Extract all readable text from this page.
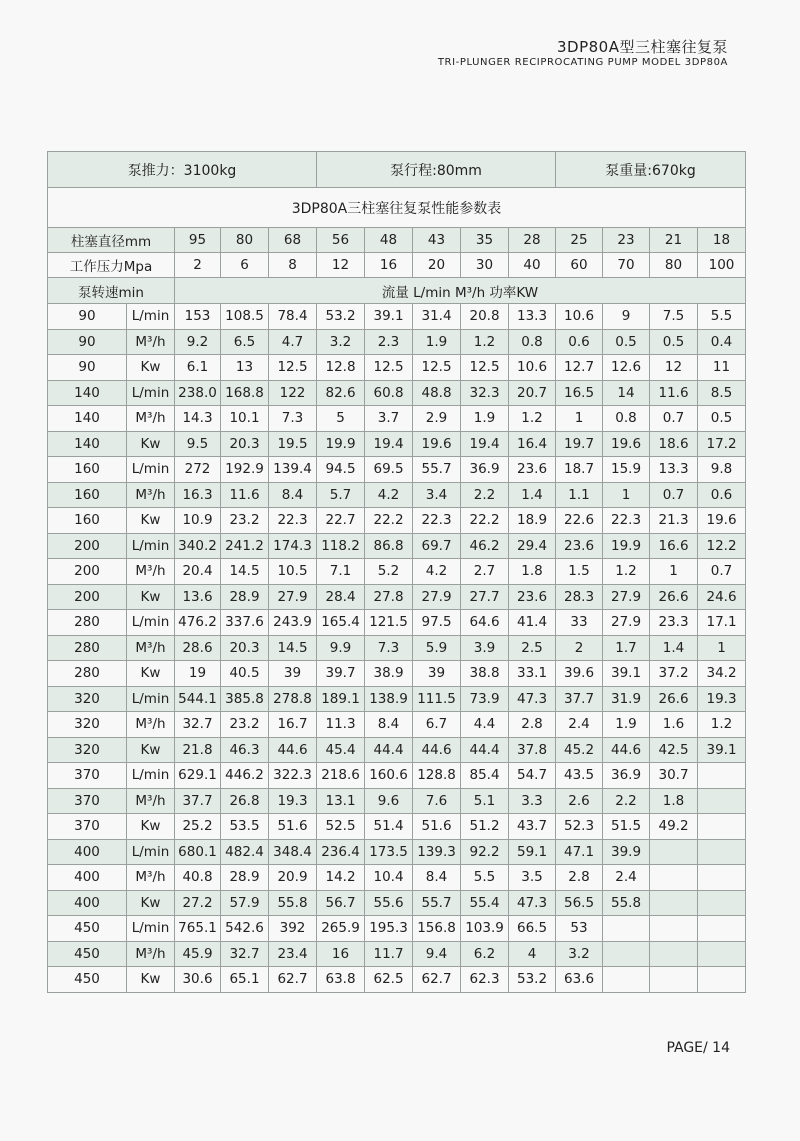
3DP80A型三柱塞往复泵
TRI-PLUNGER RECIPROCATING PUMP MODEL 3DP80A
泵推力：3100kg					泵行程:80mm					泵重量:670kg			
3DP80A三柱塞往复泵性能参数表													
柱塞直径mm		95	80	68	56	48	43	35	28	25	23	21	18
工作压力Mpa		2	6	8	12	16	20	30	40	60	70	80	100
泵转速min		流量 L/min M³/h 功率KW											
90	L/min	153	108.5	78.4	53.2	39.1	31.4	20.8	13.3	10.6	9	7.5	5.5
90	M³/h	9.2	6.5	4.7	3.2	2.3	1.9	1.2	0.8	0.6	0.5	0.5	0.4
90	Kw	6.1	13	12.5	12.8	12.5	12.5	12.5	10.6	12.7	12.6	12	11
140	L/min	238.0	168.8	122	82.6	60.8	48.8	32.3	20.7	16.5	14	11.6	8.5
140	M³/h	14.3	10.1	7.3	5	3.7	2.9	1.9	1.2	1	0.8	0.7	0.5
140	Kw	9.5	20.3	19.5	19.9	19.4	19.6	19.4	16.4	19.7	19.6	18.6	17.2
160	L/min	272	192.9	139.4	94.5	69.5	55.7	36.9	23.6	18.7	15.9	13.3	9.8
160	M³/h	16.3	11.6	8.4	5.7	4.2	3.4	2.2	1.4	1.1	1	0.7	0.6
160	Kw	10.9	23.2	22.3	22.7	22.2	22.3	22.2	18.9	22.6	22.3	21.3	19.6
200	L/min	340.2	241.2	174.3	118.2	86.8	69.7	46.2	29.4	23.6	19.9	16.6	12.2
200	M³/h	20.4	14.5	10.5	7.1	5.2	4.2	2.7	1.8	1.5	1.2	1	0.7
200	Kw	13.6	28.9	27.9	28.4	27.8	27.9	27.7	23.6	28.3	27.9	26.6	24.6
280	L/min	476.2	337.6	243.9	165.4	121.5	97.5	64.6	41.4	33	27.9	23.3	17.1
280	M³/h	28.6	20.3	14.5	9.9	7.3	5.9	3.9	2.5	2	1.7	1.4	1
280	Kw	19	40.5	39	39.7	38.9	39	38.8	33.1	39.6	39.1	37.2	34.2
320	L/min	544.1	385.8	278.8	189.1	138.9	111.5	73.9	47.3	37.7	31.9	26.6	19.3
320	M³/h	32.7	23.2	16.7	11.3	8.4	6.7	4.4	2.8	2.4	1.9	1.6	1.2
320	Kw	21.8	46.3	44.6	45.4	44.4	44.6	44.4	37.8	45.2	44.6	42.5	39.1
370	L/min	629.1	446.2	322.3	218.6	160.6	128.8	85.4	54.7	43.5	36.9	30.7	
370	M³/h	37.7	26.8	19.3	13.1	9.6	7.6	5.1	3.3	2.6	2.2	1.8	
370	Kw	25.2	53.5	51.6	52.5	51.4	51.6	51.2	43.7	52.3	51.5	49.2	
400	L/min	680.1	482.4	348.4	236.4	173.5	139.3	92.2	59.1	47.1	39.9		
400	M³/h	40.8	28.9	20.9	14.2	10.4	8.4	5.5	3.5	2.8	2.4		
400	Kw	27.2	57.9	55.8	56.7	55.6	55.7	55.4	47.3	56.5	55.8		
450	L/min	765.1	542.6	392	265.9	195.3	156.8	103.9	66.5	53			
450	M³/h	45.9	32.7	23.4	16	11.7	9.4	6.2	4	3.2			
450	Kw	30.6	65.1	62.7	63.8	62.5	62.7	62.3	53.2	63.6			
PAGE/ 14
